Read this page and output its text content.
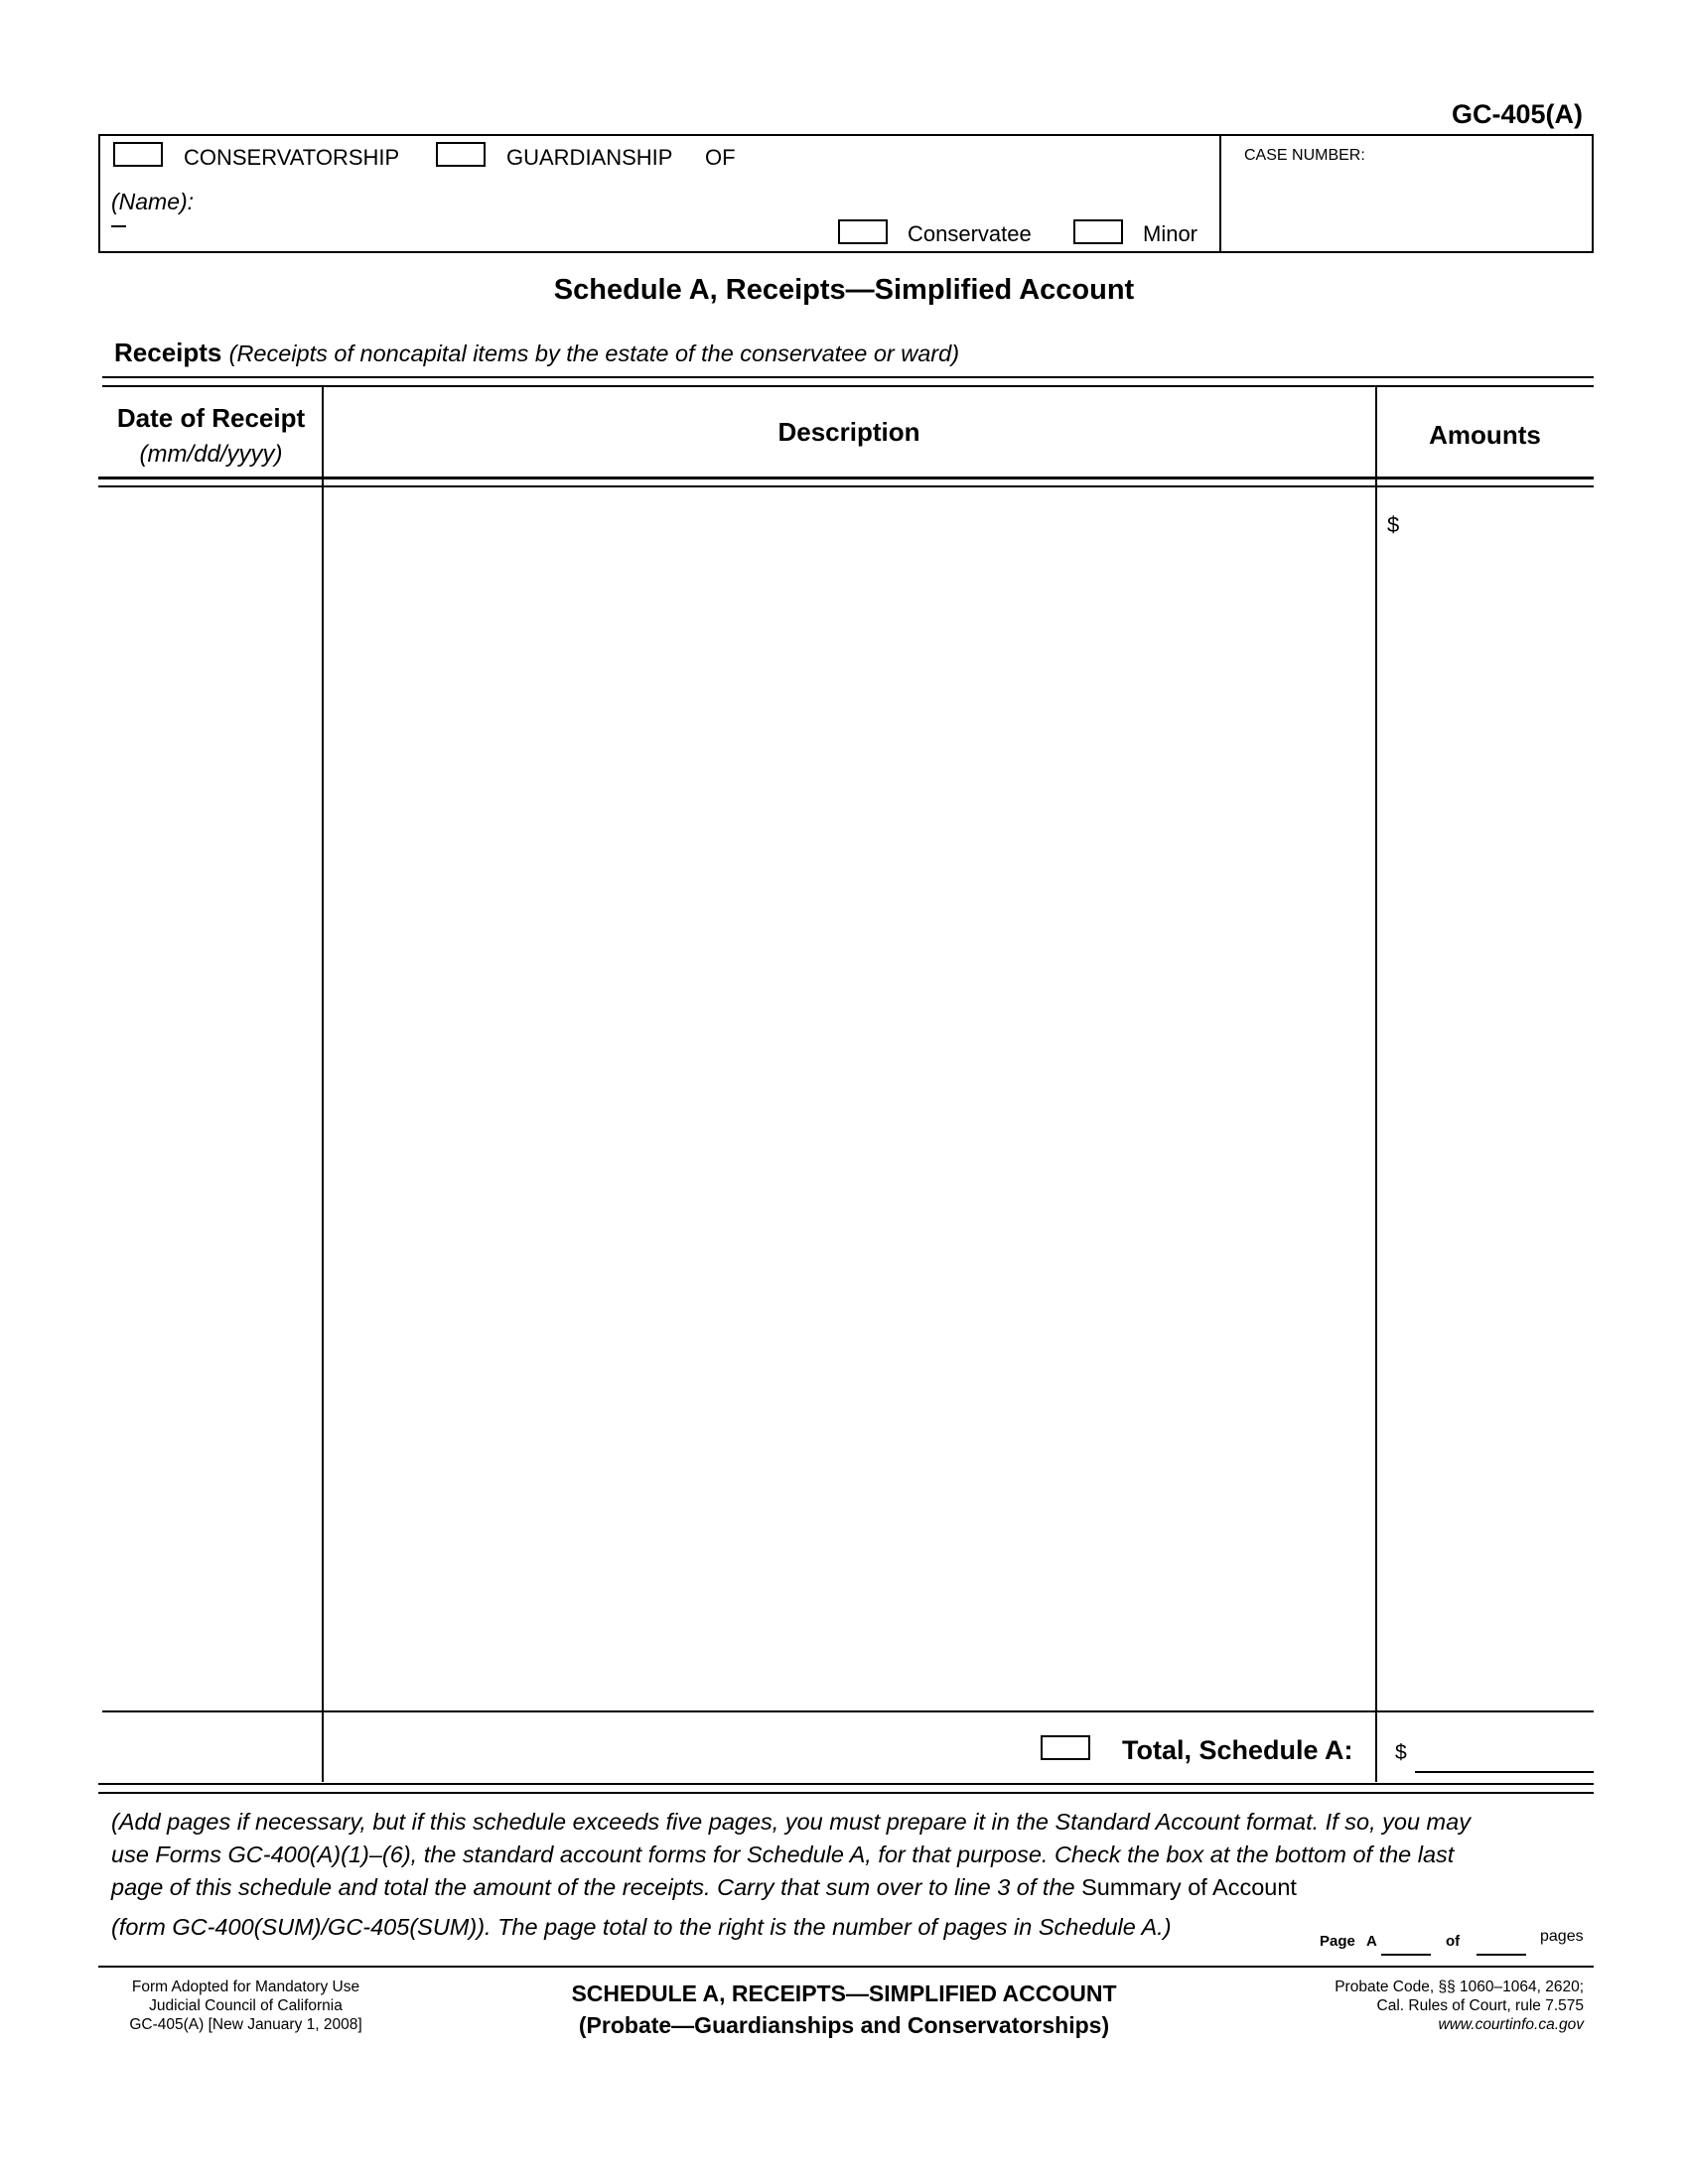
GC-405(A)
CONSERVATORSHIP	GUARDIANSHIP OF
(Name):
Conservatee	Minor
CASE NUMBER:
Schedule A, Receipts—Simplified Account
Receipts (Receipts of noncapital items by the estate of the conservatee or ward)
Date of Receipt
(mm/dd/yyyy)
Description	Amounts
$
Total, Schedule A: $
(Add pages if necessary, but if this schedule exceeds five pages, you must prepare it in the Standard Account format. If so, you may
use Forms GC-400(A)(1)–(6), the standard account forms for Schedule A, for that purpose. Check the box at the bottom of the last
page of this schedule and total the amount of the receipts. Carry that sum over to line 3 of the Summary of Account
(form GC-400(SUM)/GC-405(SUM)). The page total to the right is the number of pages in Schedule A.)
Page A	of	pages
Form Adopted for Mandatory Use
Judicial Council of California
GC-405(A) [New January 1, 2008]
SCHEDULE A, RECEIPTS—SIMPLIFIED ACCOUNT
(Probate—Guardianships and Conservatorships)
Probate Code, §§ 1060–1064, 2620;
Cal. Rules of Court, rule 7.575
www.courtinfo.ca.gov
